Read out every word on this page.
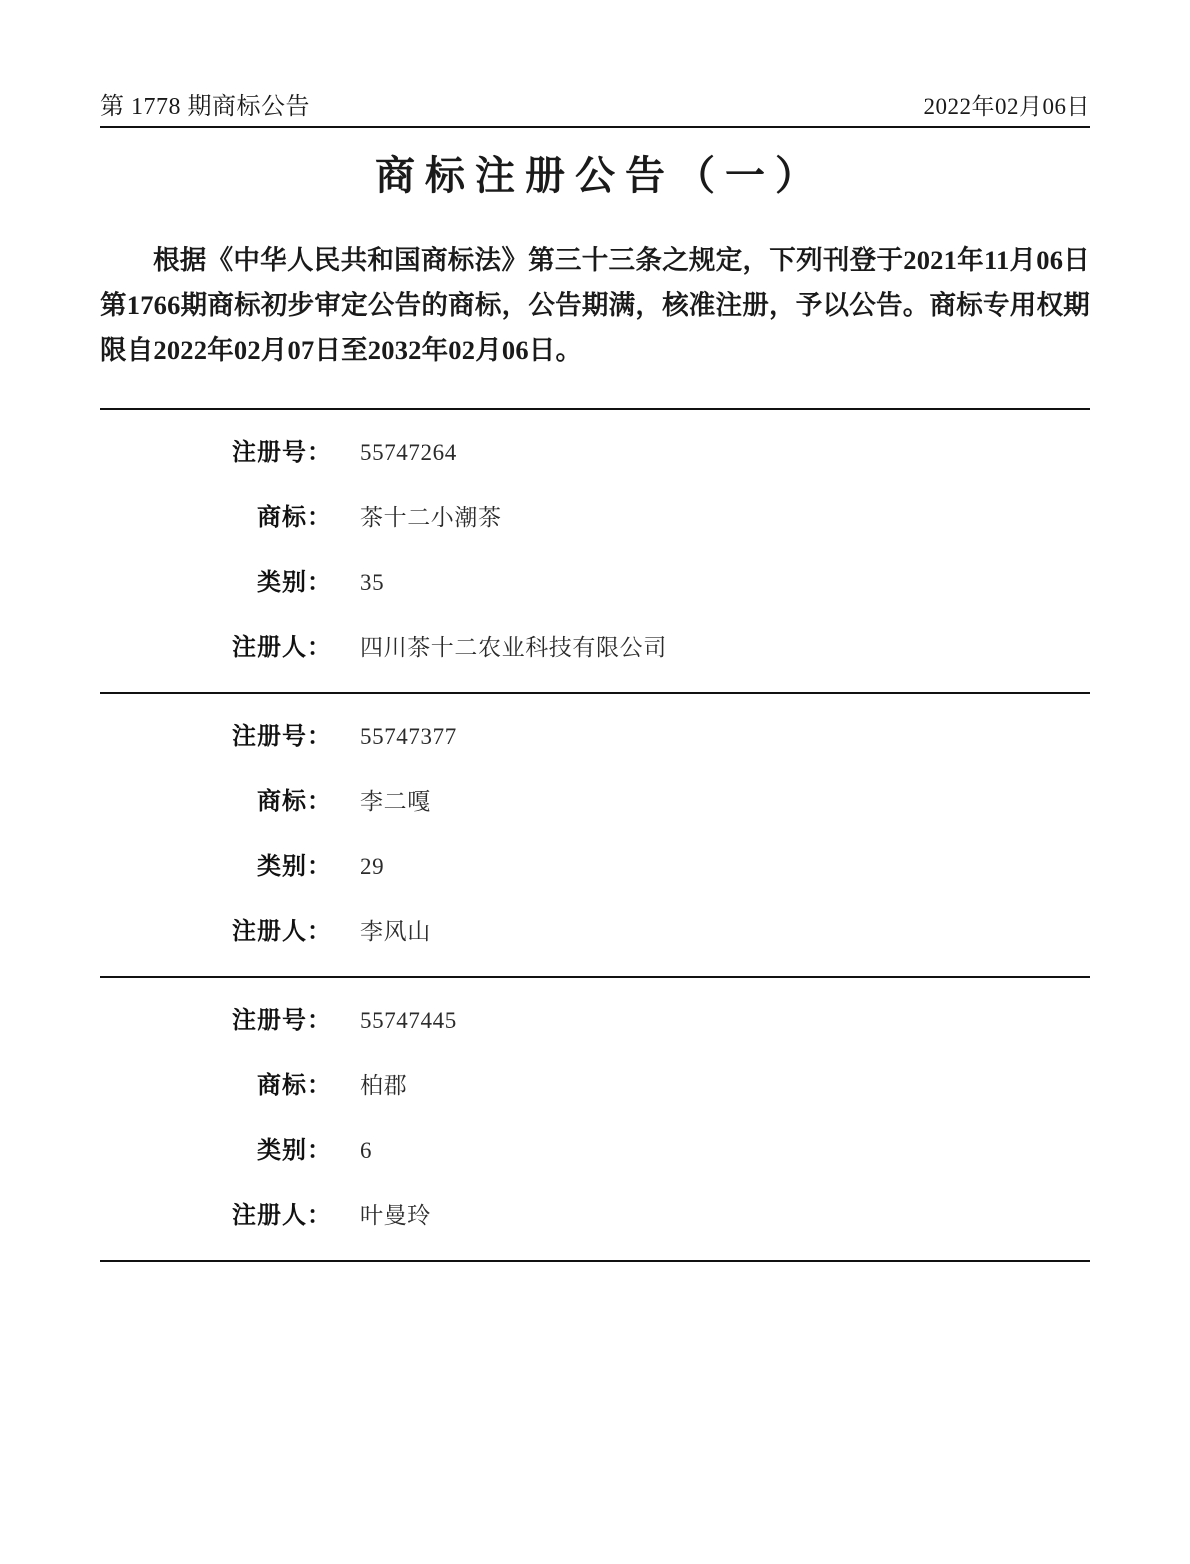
第 1778 期商标公告	2022年02月06日
商标注册公告（一）
根据《中华人民共和国商标法》第三十三条之规定，下列刊登于2021年11月06日第1766期商标初步审定公告的商标，公告期满，核准注册，予以公告。商标专用权期限自2022年02月07日至2032年02月06日。
注册号：	55747264
商标：	茶十二小潮茶
类别：	35
注册人：	四川茶十二农业科技有限公司
注册号：	55747377
商标：	李二嘎
类别：	29
注册人：	李风山
注册号：	55747445
商标：	柏郡
类别：	6
注册人：	叶曼玲
